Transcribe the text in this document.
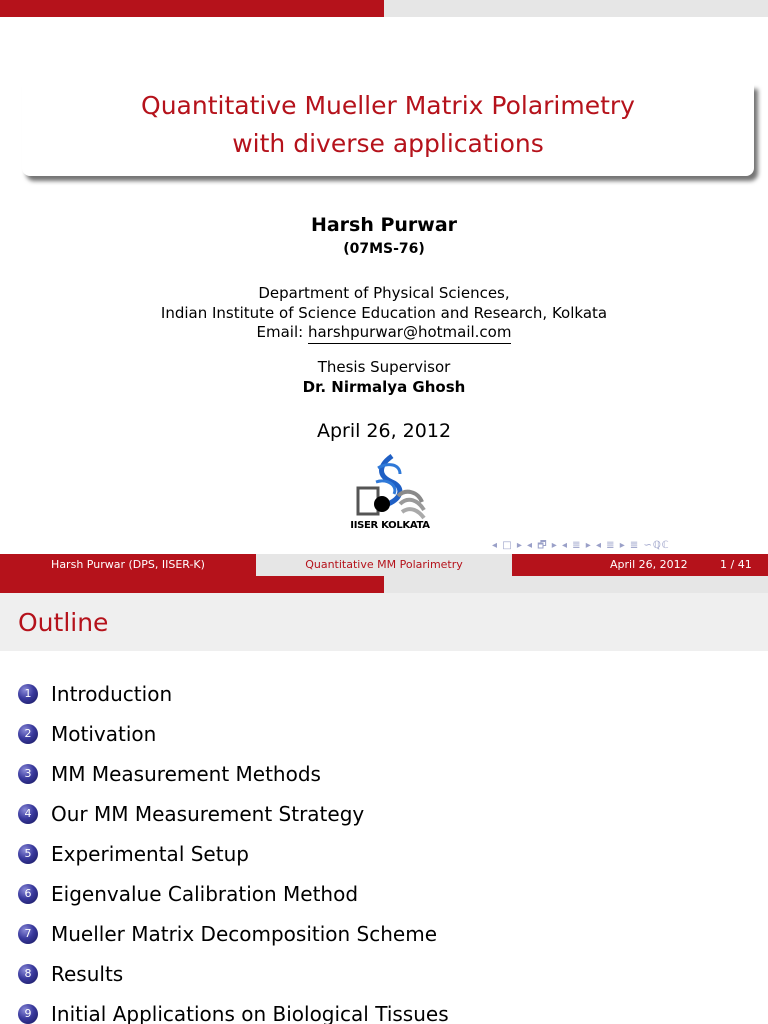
Quantitative Mueller Matrix Polarimetry
with diverse applications
Harsh Purwar
(07MS-76)
Department of Physical Sciences,
Indian Institute of Science Education and Research, Kolkata
Email: harshpurwar@hotmail.com
Thesis Supervisor
Dr. Nirmalya Ghosh
April 26, 2012
IISER KOLKATA
◂ □ ▸ ◂ 🗗 ▸ ◂ ≣ ▸ ◂ ≣ ▸ ≣ ∽ℚℂ
Harsh Purwar (DPS, IISER-K)	Quantitative MM Polarimetry	April 26, 2012	1 / 41
Outline
1 Introduction
2 Motivation
3 MM Measurement Methods
4 Our MM Measurement Strategy
5 Experimental Setup
6 Eigenvalue Calibration Method
7 Mueller Matrix Decomposition Scheme
8 Results
9 Initial Applications on Biological Tissues
